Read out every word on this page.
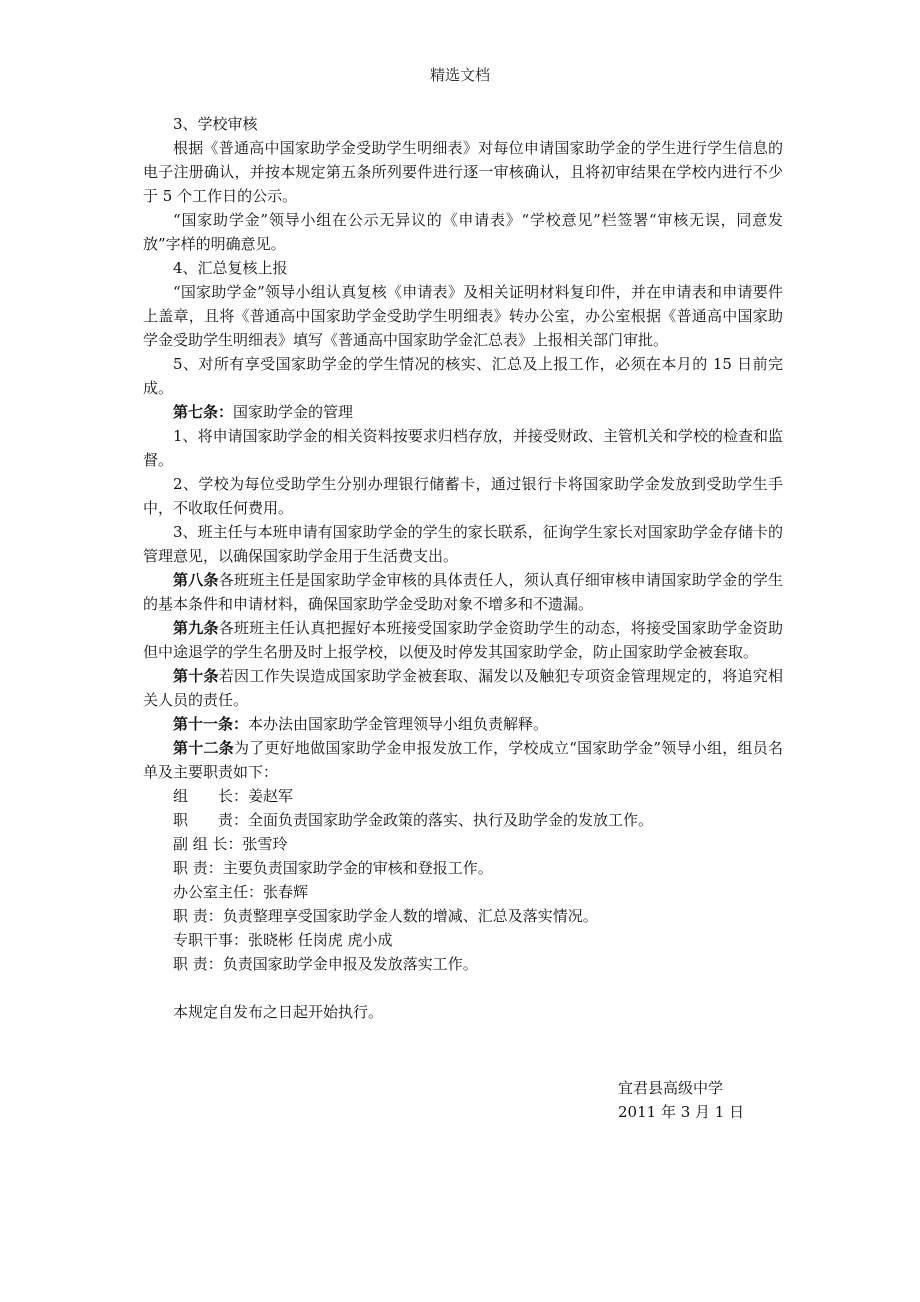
精选文档

3、学校审核

根据《普通高中国家助学金受助学生明细表》对每位申请国家助学金的学生进行学生信息的电子注册确认，并按本规定第五条所列要件进行逐一审核确认，且将初审结果在学校内进行不少于 5 个工作日的公示。

“国家助学金”领导小组在公示无异议的《申请表》“学校意见”栏签署“审核无误，同意发放”字样的明确意见。

4、汇总复核上报

“国家助学金”领导小组认真复核《申请表》及相关证明材料复印件，并在申请表和申请要件上盖章，且将《普通高中国家助学金受助学生明细表》转办公室，办公室根据《普通高中国家助学金受助学生明细表》填写《普通高中国家助学金汇总表》上报相关部门审批。

5、对所有享受国家助学金的学生情况的核实、汇总及上报工作，必须在本月的 15 日前完成。

第七条：国家助学金的管理

1、将申请国家助学金的相关资料按要求归档存放，并接受财政、主管机关和学校的检查和监督。

2、学校为每位受助学生分别办理银行储蓄卡，通过银行卡将国家助学金发放到受助学生手中，不收取任何费用。

3、班主任与本班申请有国家助学金的学生的家长联系，征询学生家长对国家助学金存储卡的管理意见，以确保国家助学金用于生活费支出。

第八条各班班主任是国家助学金审核的具体责任人，须认真仔细审核申请国家助学金的学生的基本条件和申请材料，确保国家助学金受助对象不增多和不遗漏。

第九条各班班主任认真把握好本班接受国家助学金资助学生的动态，将接受国家助学金资助但中途退学的学生名册及时上报学校，以便及时停发其国家助学金，防止国家助学金被套取。

第十条若因工作失误造成国家助学金被套取、漏发以及触犯专项资金管理规定的，将追究相关人员的责任。

第十一条：本办法由国家助学金管理领导小组负责解释。

第十二条为了更好地做国家助学金申报发放工作，学校成立“国家助学金”领导小组，组员名单及主要职责如下：

组　　长：姜赵军

职　　责：全面负责国家助学金政策的落实、执行及助学金的发放工作。

副 组 长：张雪玲

职 责：主要负责国家助学金的审核和登报工作。

办公室主任：张春辉

职 责：负责整理享受国家助学金人数的增减、汇总及落实情况。

专职干事：张晓彬 任岗虎 虎小成

职 责：负责国家助学金申报及发放落实工作。

本规定自发布之日起开始执行。

宜君县高级中学
2011 年 3 月 1 日
